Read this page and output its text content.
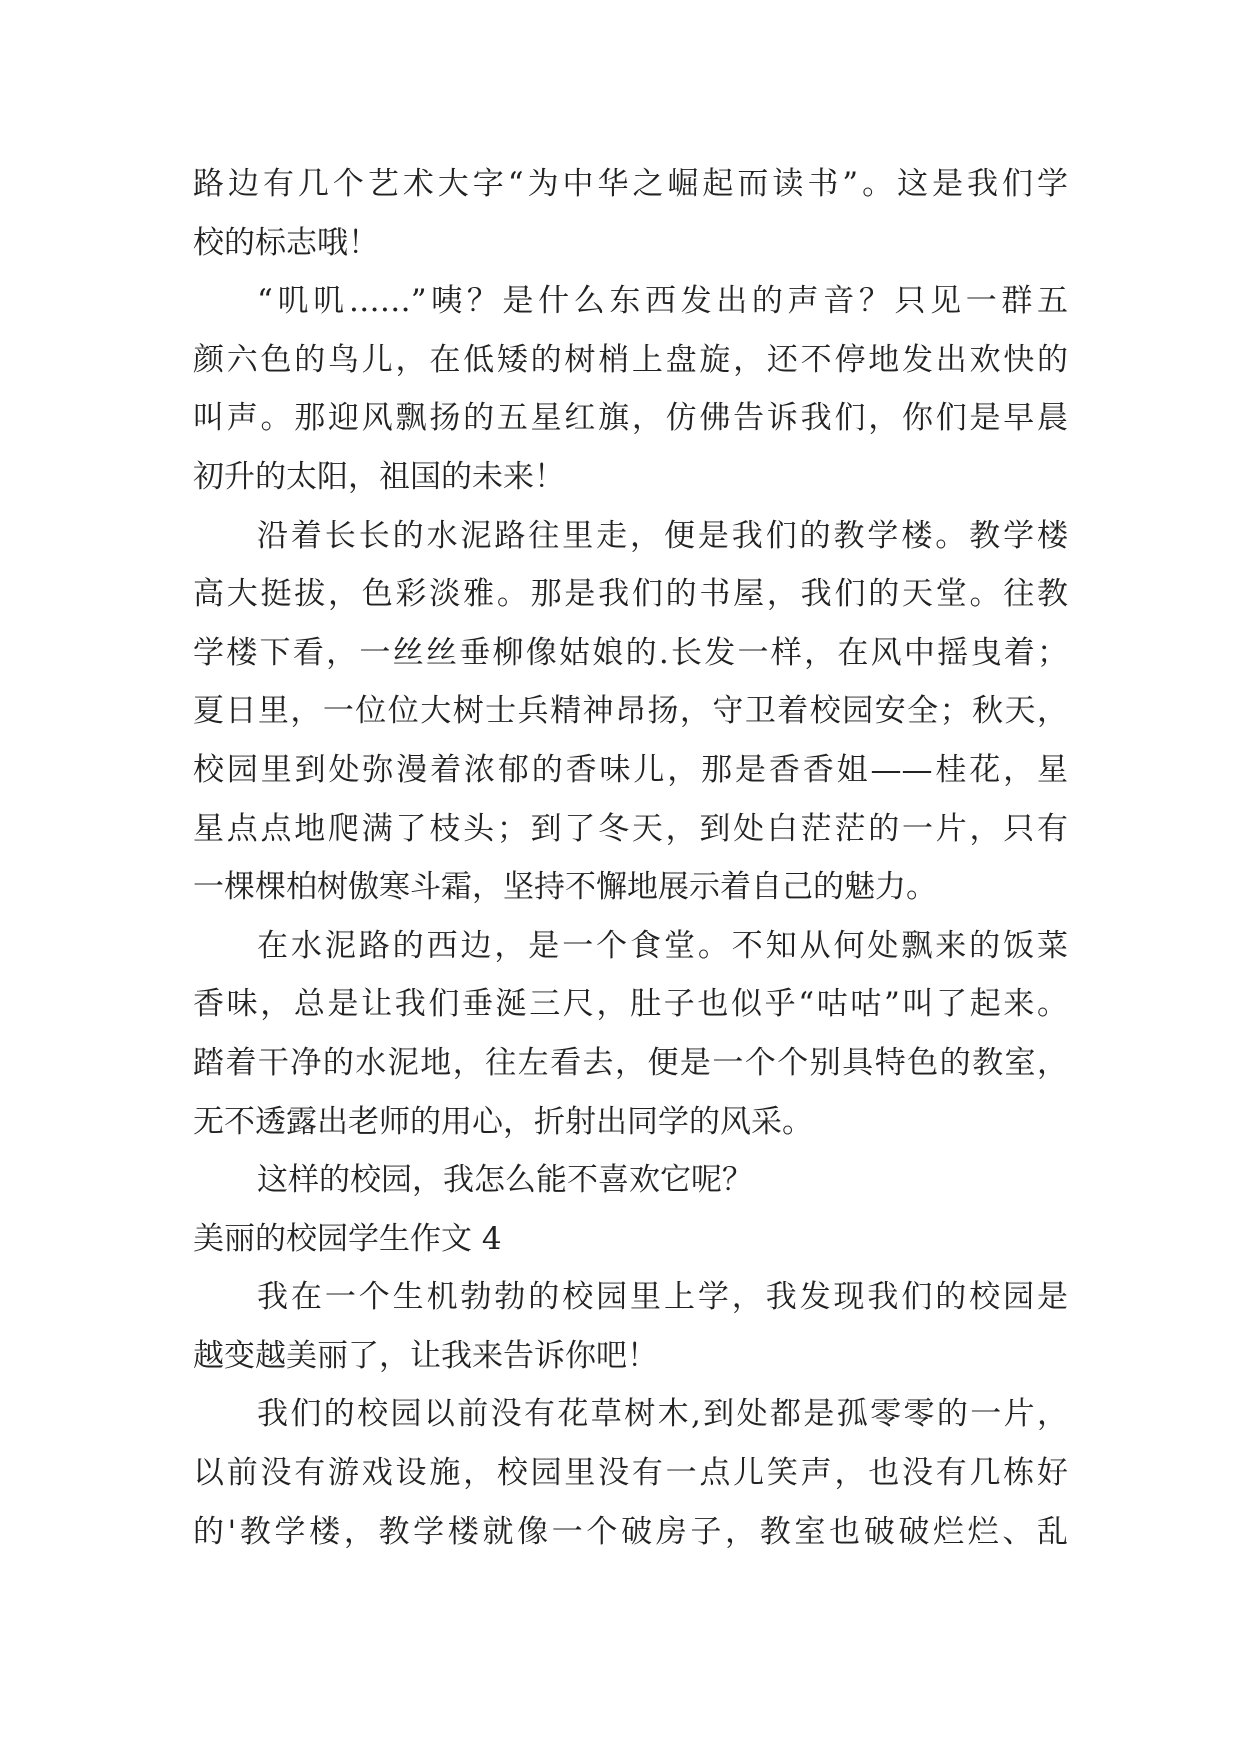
路边有几个艺术大字“为中华之崛起而读书”。这是我们学
校的标志哦！
“叽叽……”咦？是什么东西发出的声音？只见一群五
颜六色的鸟儿，在低矮的树梢上盘旋，还不停地发出欢快的
叫声。那迎风飘扬的五星红旗，仿佛告诉我们，你们是早晨
初升的太阳，祖国的未来！
沿着长长的水泥路往里走，便是我们的教学楼。教学楼
高大挺拔，色彩淡雅。那是我们的书屋，我们的天堂。往教
学楼下看，一丝丝垂柳像姑娘的.长发一样，在风中摇曳着；
夏日里，一位位大树士兵精神昂扬，守卫着校园安全；秋天，
校园里到处弥漫着浓郁的香味儿，那是香香姐——桂花，星
星点点地爬满了枝头；到了冬天，到处白茫茫的一片，只有
一棵棵柏树傲寒斗霜，坚持不懈地展示着自己的魅力。
在水泥路的西边，是一个食堂。不知从何处飘来的饭菜
香味，总是让我们垂涎三尺，肚子也似乎“咕咕”叫了起来。
踏着干净的水泥地，往左看去，便是一个个别具特色的教室，
无不透露出老师的用心，折射出同学的风采。
这样的校园，我怎么能不喜欢它呢？
美丽的校园学生作文 4
我在一个生机勃勃的校园里上学，我发现我们的校园是
越变越美丽了，让我来告诉你吧！
我们的校园以前没有花草树木,到处都是孤零零的一片，
以前没有游戏设施，校园里没有一点儿笑声，也没有几栋好
的'教学楼，教学楼就像一个破房子，教室也破破烂烂、乱
